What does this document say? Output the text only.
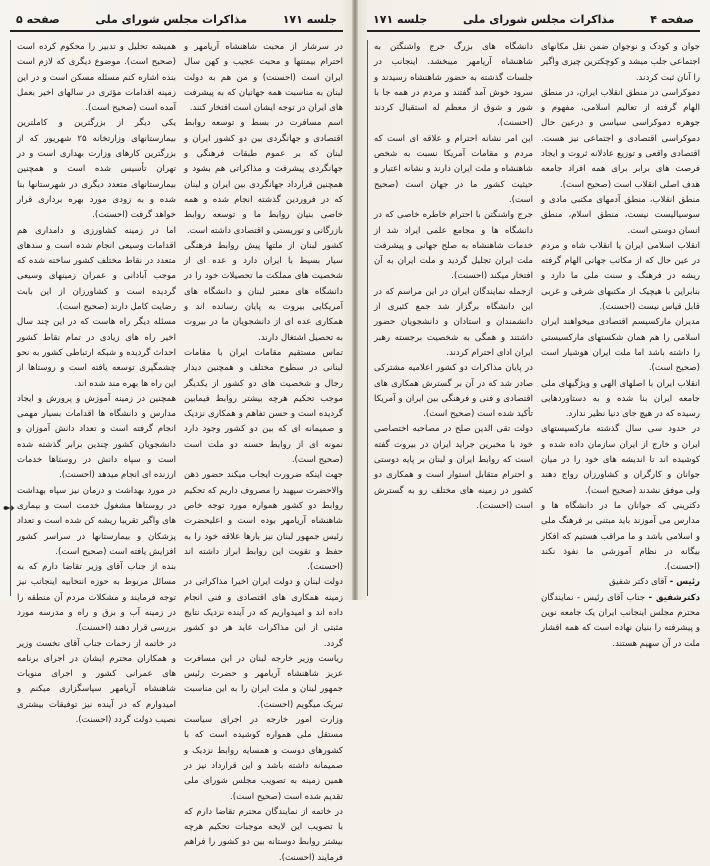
جلسه ۱۷۱
مذاکرات مجلس شورای ملی
صفحه ۵

در سرشار از محبت شاهنشاه آریامهر و احترام بیمنتها و محبت عجیب و کهن سال ایران است (احسنت) و من هم به دولت لبنان به مناسبت همه جهانیان که به پیشرفت های ایران در توجه ایشان است افتخار کنند.

اسم مسافرت در بسط و توسعه روابط اقتصادی و جهانگردی بین دو کشور ایران و لبنان که بر عموم طبقات فرهنگی و جهانگردی پیشرفت و مذاکراتی هم بشود و همچنین قرارداد جهانگردی بین ایران و لبنان که در فروردین گذشته انجام شده و همه خاصی بنیان روابط ما و توسعه روابط بازرگانی و توریستی و اقتصادی داشته است.

کشور لبنان از ملتها پیش روابط فرهنگی سیار بسیط با ایران دارد و عده ای از شخصیت های مملکت ما تحصیلات خود را در دانشگاه های معتبر لبنان و دانشگاه های آمریکایی بیروت به پایان رسانده اند و همکاری عده ای از دانشجویان ما در بیروت به تحصیل اشتغال دارند.

تماس مستقیم مقامات ایران با مقامات لبنانی در سطوح مختلف و همچنین دیدار رجال و شخصیت های دو کشور از یکدیگر موجب تحکیم هرچه بیشتر روابط فیمابین گردیده است و حسن تفاهم و همکاری نزدیک و صمیمانه ای که بین دو کشور وجود دارد نمونه ای از روابط حسنه دو ملت است (صحیح است).

جهت اینکه ضرورت ایجاب میکند حضور ذهن والاحضرت سپهبد را مصروف داریم که تحکیم روابط دو کشور همواره مورد توجه خاص شاهنشاه آریامهر بوده است و اعلیحضرت رئیس جمهور لبنان نیز بارها علاقه خود را به حفظ و تقویت این روابط ابراز داشته اند (احسنت).

دولت لبنان و دولت ایران اخیرا مذاکراتی در زمینه همکاری های اقتصادی و فنی انجام داده اند و امیدواریم که در آینده نزدیک نتایج مثبتی از این مذاکرات عاید هر دو کشور گردد.

ریاست وزیر خارجه لبنان در این مسافرت عزیز شاهنشاه آریامهر و حضرت رئیس جمهور لبنان و ملت ایران را به این مناسبت تبریک میگویم (احسنت).

وزارت امور خارجه در اجرای سیاست مستقل ملی همواره کوشیده است که با کشورهای دوست و همسایه روابط نزدیک و صمیمانه داشته باشد و این قرارداد نیز در همین زمینه به تصویب مجلس شورای ملی تقدیم شده است (صحیح است).

در خاتمه از نمایندگان محترم تقاضا دارم که با تصویب این لایحه موجبات تحکیم هرچه بیشتر روابط دوستانه بین دو کشور را فراهم فرمایند (احسنت).

همیشه تحلیل و تدبیر را محکوم کرده است (صحیح است). موضوع دیگری که لازم است بنده اشاره کنم مسئله مسکن است و در این زمینه اقدامات مؤثری در سالهای اخیر بعمل آمده است (صحیح است).

یکی دیگر از بزرگترین و کاملترین بیمارستانهای وزارتخانه ۲۵ شهریور که از بزرگترین کارهای وزارت بهداری است و در تهران تأسیس شده است و همچنین بیمارستانهای متعدد دیگری در شهرستانها بنا شده و به زودی مورد بهره برداری قرار خواهد گرفت (احسنت).

اما در زمینه کشاورزی و دامداری هم اقدامات وسیعی انجام شده است و سدهای متعدد در نقاط مختلف کشور ساخته شده که موجب آبادانی و عمران زمینهای وسیعی گردیده است و کشاورزان از این بابت رضایت کامل دارند (صحیح است).

مسئله دیگر راه هاست که در این چند سال اخیر راه های زیادی در تمام نقاط کشور احداث گردیده و شبکه ارتباطی کشور به نحو چشمگیری توسعه یافته است و روستاها از این راه ها بهره مند شده اند.

همچنین در زمینه آموزش و پرورش و ایجاد مدارس و دانشگاه ها اقدامات بسیار مهمی انجام گرفته است و تعداد دانش آموزان و دانشجویان کشور چندین برابر گذشته شده است و سپاه دانش در روستاها خدمات ارزنده ای انجام میدهد (احسنت).

در مورد بهداشت و درمان نیز سپاه بهداشت در روستاها مشغول خدمت است و بیماری های واگیر تقریبا ریشه کن شده است و تعداد پزشکان و بیمارستانها در سراسر کشور افزایش یافته است (صحیح است).

بنده از جناب آقای وزیر تقاضا دارم که به مسائل مربوط به حوزه انتخابیه اینجانب نیز توجه فرمایند و مشکلات مردم آن منطقه را در زمینه آب و برق و راه و مدرسه مورد بررسی قرار دهند (احسنت).

در خاتمه از زحمات جناب آقای نخست وزیر و همکاران محترم ایشان در اجرای برنامه های عمرانی کشور و اجرای منویات شاهنشاه آریامهر سپاسگزاری میکنم و امیدوارم که در آینده نیز توفیقات بیشتری نصیب دولت گردد (احسنت).

➻
صفحه ۴
مذاکرات مجلس شورای ملی
جلسه ۱۷۱

جوان و کودک و نوجوان ضمن نقل مکانهای اجتماعی جلب میشد و کوچکترین چیزی واگیر را آنان ثبت کردند.

دموکراسی در منطق انقلاب ایران، در منطق الهام گرفته از تعالیم اسلامی، مفهوم و جوهره دموکراسی سیاسی و درعین حال دموکراسی اقتصادی و اجتماعی نیز هست. اقتصادی واقعی و توزیع عادلانه ثروت و ایجاد فرصت های برابر برای همه افراد جامعه هدف اصلی انقلاب است (صحیح است).

منطق انقلاب، منطق آدمهای مکتبی مادی و سوسیالیست نیست، منطق اسلام، منطق انسان دوستی است.

انقلاب اسلامی ایران یا انقلاب شاه و مردم در عین حال که از مکاتب جهانی الهام گرفته ریشه در فرهنگ و سنت ملی ما دارد و بنابراین با هیچیک از مکتبهای شرقی و غربی قابل قیاس نیست (احسنت).

مدیران مارکسیسم اقتصادی میخواهند ایران اسلامی را هم همان شکستهای مارکسیستی را داشته باشد اما ملت ایران هوشیار است (صحیح است).

انقلاب ایران با اصلهای الهی و ویژگیهای ملی جامعه ایران بنا شده و به دستاوردهایی رسیده که در هیچ جای دنیا نظیر ندارد.

در حدود سی سال گذشته مارکسیستهای ایران و خارج از ایران سازمان داده شده و کوشیده اند تا اندیشه های خود را در میان جوانان و کارگران و کشاورزان رواج دهند ولی موفق نشدند (صحیح است).

دکترینی که جوانان ما در دانشگاه ها و مدارس می آموزند باید مبتنی بر فرهنگ ملی و اسلامی باشد و ما مراقب هستیم که افکار بیگانه در نظام آموزشی ما نفوذ نکند (احسنت).

رئیس - آقای دکتر شفیق

دکترشفیق - جناب آقای رئیس - نمایندگان محترم مجلس اینجانب ایران یک جامعه نوین و پیشرفته را بنیان نهاده است که همه اقشار ملت در آن سهیم هستند.

دانشگاه های بزرگ جرج واشنگتن به شاهنشاه آریامهر میبخشد. اینجانب در جلسات گذشته به حضور شاهنشاه رسیدند و سرود خوش آمد گفتند و مردم در همه جا با شور و شوق از معظم له استقبال کردند (احسنت).

این امر نشانه احترام و علاقه ای است که مردم و مقامات آمریکا نسبت به شخص شاهنشاه و ملت ایران دارند و نشانه اعتبار و حیثیت کشور ما در جهان است (صحیح است).

جرج واشنگتن با احترام خاطره خاصی که در دانشگاه ها و مجامع علمی ایراد شد از خدمات شاهنشاه به صلح جهانی و پیشرفت ملت ایران تجلیل گردید و ملت ایران به آن افتخار میکند (احسنت).

ازجمله نمایندگان ایران در این مراسم که در این دانشگاه برگزار شد جمع کثیری از دانشمندان و استادان و دانشجویان حضور داشتند و همگی به شخصیت برجسته رهبر ایران ادای احترام کردند.

در پایان مذاکرات دو کشور اعلامیه مشترکی صادر شد که در آن بر گسترش همکاری های اقتصادی و فنی و فرهنگی بین ایران و آمریکا تأکید شده است (صحیح است).

دولت تقی الدین صلح در مصاحبه اختصاصی خود با مخبرین جراید ایران در بیروت گفته است که روابط ایران و لبنان بر پایه دوستی و احترام متقابل استوار است و همکاری دو کشور در زمینه های مختلف رو به گسترش است (احسنت).
